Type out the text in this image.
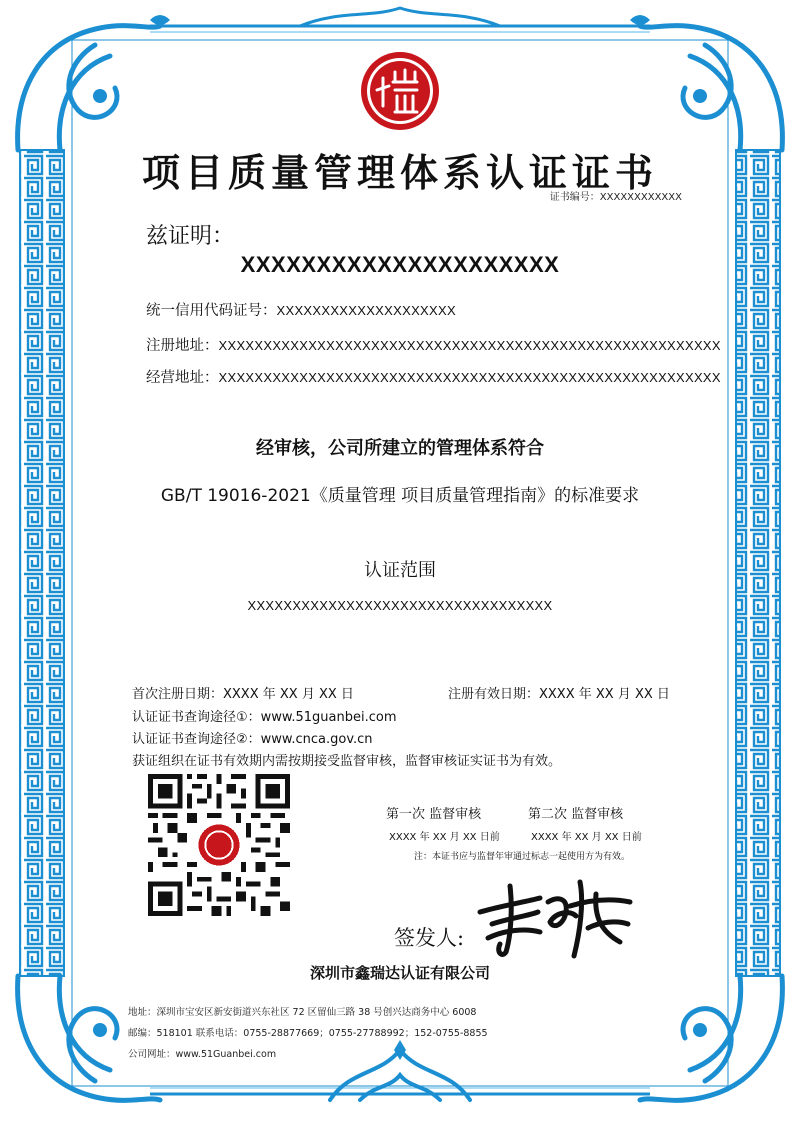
项目质量管理体系认证证书
证书编号：XXXXXXXXXXXX
兹证明：
XXXXXXXXXXXXXXXXXXXXX
统一信用代码证号：XXXXXXXXXXXXXXXXXXXX
注册地址：XXXXXXXXXXXXXXXXXXXXXXXXXXXXXXXXXXXXXXXXXXXXXXXXXXXXXXXX
经营地址：XXXXXXXXXXXXXXXXXXXXXXXXXXXXXXXXXXXXXXXXXXXXXXXXXXXXXXXX
经审核，公司所建立的管理体系符合
GB/T 19016-2021《质量管理 项目质量管理指南》的标准要求
认证范围
XXXXXXXXXXXXXXXXXXXXXXXXXXXXXXXXXX
首次注册日期：XXXX 年 XX 月 XX 日	注册有效日期：XXXX 年 XX 月 XX 日
认证证书查询途径①：www.51guanbei.com
认证证书查询途径②：www.cnca.gov.cn
获证组织在证书有效期内需按期接受监督审核，监督审核证实证书为有效。
第一次 监督审核	第二次 监督审核
XXXX 年 XX 月 XX 日前	XXXX 年 XX 月 XX 日前
注：本证书应与监督年审通过标志一起使用方为有效。
签发人:
深圳市鑫瑞达认证有限公司
地址：深圳市宝安区新安街道兴东社区 72 区留仙三路 38 号创兴达商务中心 6008
邮编：518101 联系电话：0755-28877669；0755-27788992；152-0755-8855
公司网址：www.51Guanbei.com
